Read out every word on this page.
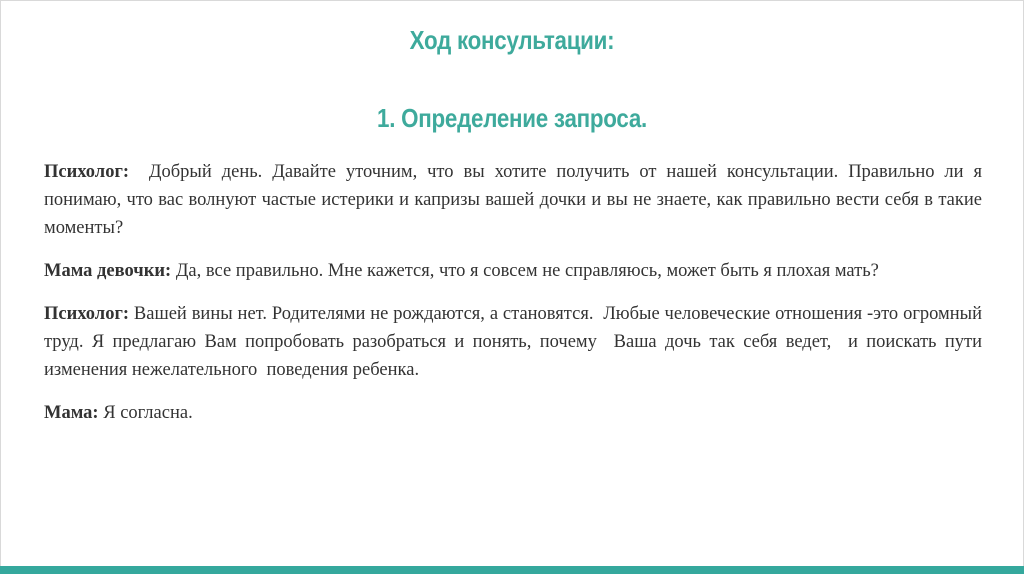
Ход консультации:
1. Определение запроса.

Психолог:  Добрый день. Давайте уточним, что вы хотите получить от нашей консультации. Правильно ли я понимаю, что вас волнуют частые истерики и капризы вашей дочки и вы не знаете, как правильно вести себя в такие моменты?

Мама девочки: Да, все правильно. Мне кажется, что я совсем не справляюсь, может быть я плохая мать?

Психолог: Вашей вины нет. Родителями не рождаются, а становятся.  Любые человеческие отношения -это огромный труд. Я предлагаю Вам попробовать разобраться и понять, почему  Ваша дочь так себя ведет,  и поискать пути изменения нежелательного  поведения ребенка.

Мама: Я согласна.
